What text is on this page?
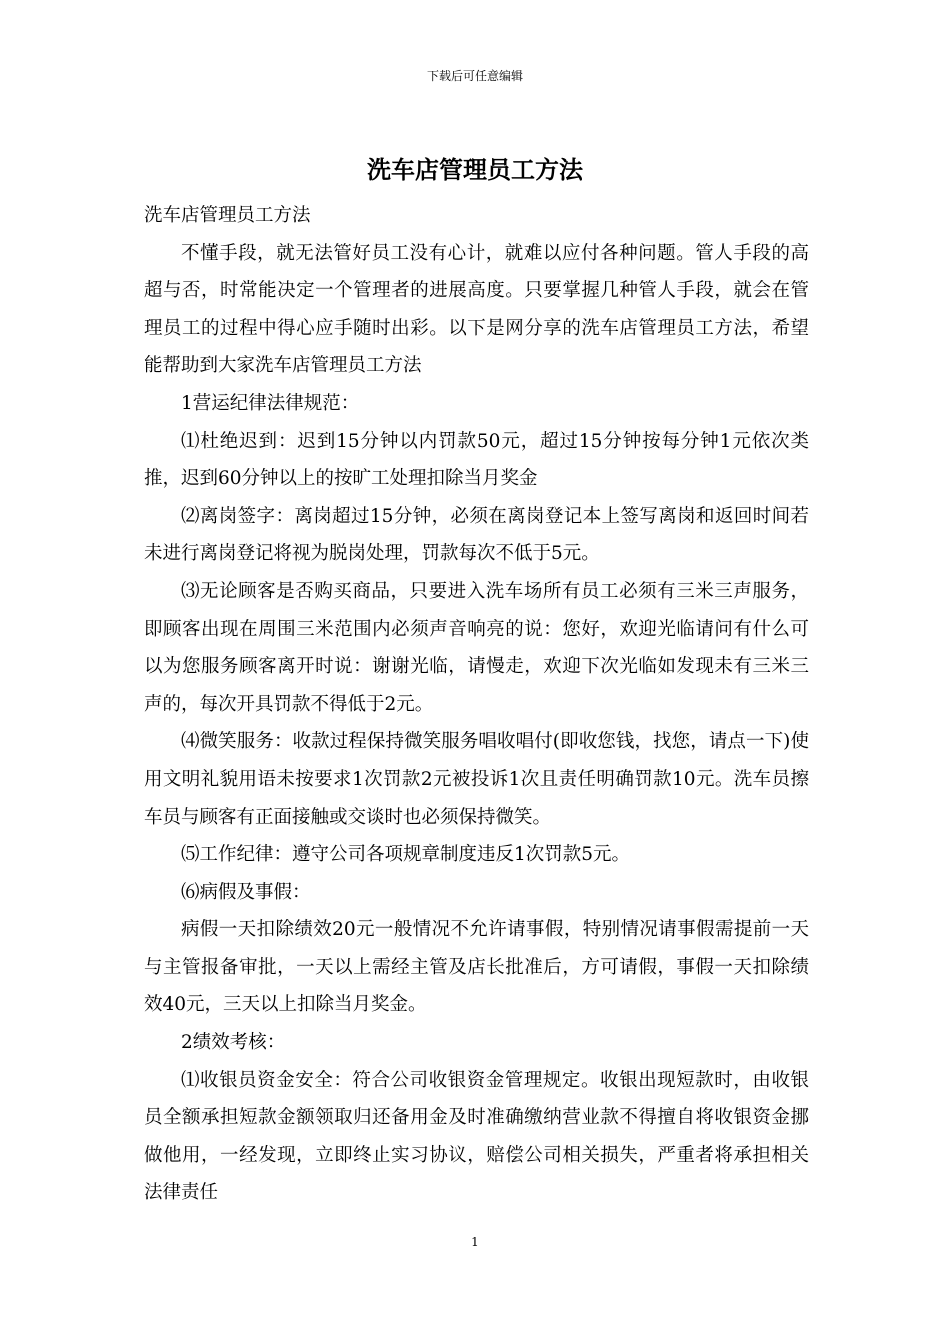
下载后可任意编辑
洗车店管理员工方法

洗车店管理员工方法

不懂手段，就无法管好员工没有心计，就难以应付各种问题。管人手段的高超与否，时常能决定一个管理者的进展高度。只要掌握几种管人手段，就会在管理员工的过程中得心应手随时出彩。以下是网分享的洗车店管理员工方法，希望能帮助到大家洗车店管理员工方法

1营运纪律法律规范：

⑴杜绝迟到：迟到15分钟以内罚款50元，超过15分钟按每分钟1元依次类推，迟到60分钟以上的按旷工处理扣除当月奖金

⑵离岗签字：离岗超过15分钟，必须在离岗登记本上签写离岗和返回时间若未进行离岗登记将视为脱岗处理，罚款每次不低于5元。

⑶无论顾客是否购买商品，只要进入洗车场所有员工必须有三米三声服务，即顾客出现在周围三米范围内必须声音响亮的说：您好，欢迎光临请问有什么可以为您服务顾客离开时说：谢谢光临，请慢走，欢迎下次光临如发现未有三米三声的，每次开具罚款不得低于2元。

⑷微笑服务：收款过程保持微笑服务唱收唱付(即收您钱，找您，请点一下)使用文明礼貌用语未按要求1次罚款2元被投诉1次且责任明确罚款10元。洗车员擦车员与顾客有正面接触或交谈时也必须保持微笑。

⑸工作纪律：遵守公司各项规章制度违反1次罚款5元。

⑹病假及事假：

病假一天扣除绩效20元一般情况不允许请事假，特别情况请事假需提前一天与主管报备审批，一天以上需经主管及店长批准后，方可请假，事假一天扣除绩效40元，三天以上扣除当月奖金。

2绩效考核：

⑴收银员资金安全：符合公司收银资金管理规定。收银出现短款时，由收银员全额承担短款金额领取归还备用金及时准确缴纳营业款不得擅自将收银资金挪做他用，一经发现，立即终止实习协议，赔偿公司相关损失，严重者将承担相关法律责任

1
